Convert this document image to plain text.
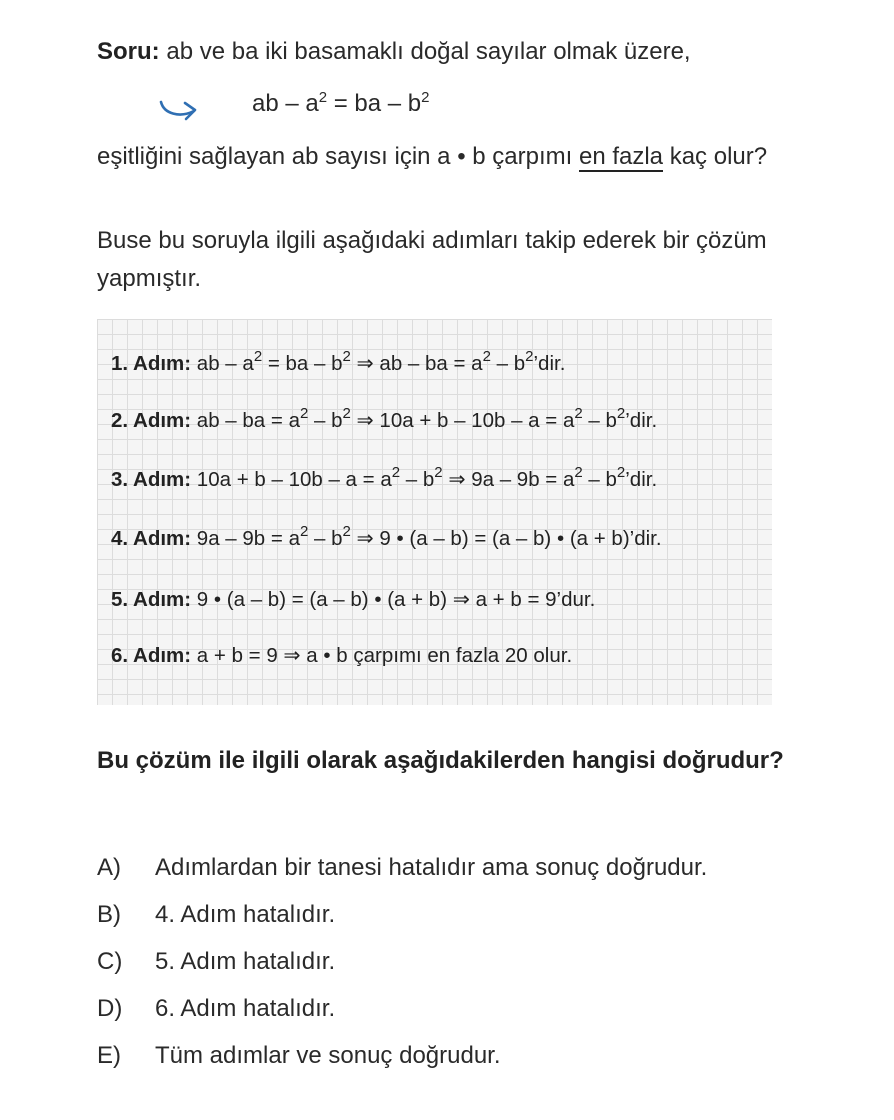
Soru: ab ve ba iki basamaklı doğal sayılar olmak üzere,
ab – $a^2$ = ba – $b^2$
eşitliğini sağlayan ab sayısı için a • b çarpımı en fazla kaç olur?
Buse bu soruyla ilgili aşağıdaki adımları takip ederek bir çözüm yapmıştır.
1. Adım: ab – $a^2$ = ba – $b^2$ ⇒ ab – ba = $a^2$ – $b^2’dir$.
2. Adım: ab – ba = $a^2 - b^2$ ⇒ $10a + b - 10b - a = a^2$ – $b^2’dir$.
3. Adım: $10a + b - 10b - a = a^2 - b^2$ ⇒ $9a - 9b = a^2$ – $b^2’dir$.
4. Adım: $9a - 9b = a^2 - b^2$ ⇒ 9 • (a – b) = (a – b) • (a + b)’dir.
5. Adım: 9 • (a – b) = (a – b) • (a + b) ⇒ a + b = 9’dur.
6. Adım: a + b = 9 ⇒ a • b çarpımı en fazla 20 olur.
Bu çözüm ile ilgili olarak aşağıdakilerden hangisi doğrudur?
A) Adımlardan bir tanesi hatalıdır ama sonuç doğrudur.
B) 4. Adım hatalıdır.
C) 5. Adım hatalıdır.
D) 6. Adım hatalıdır.
E) Tüm adımlar ve sonuç doğrudur.
